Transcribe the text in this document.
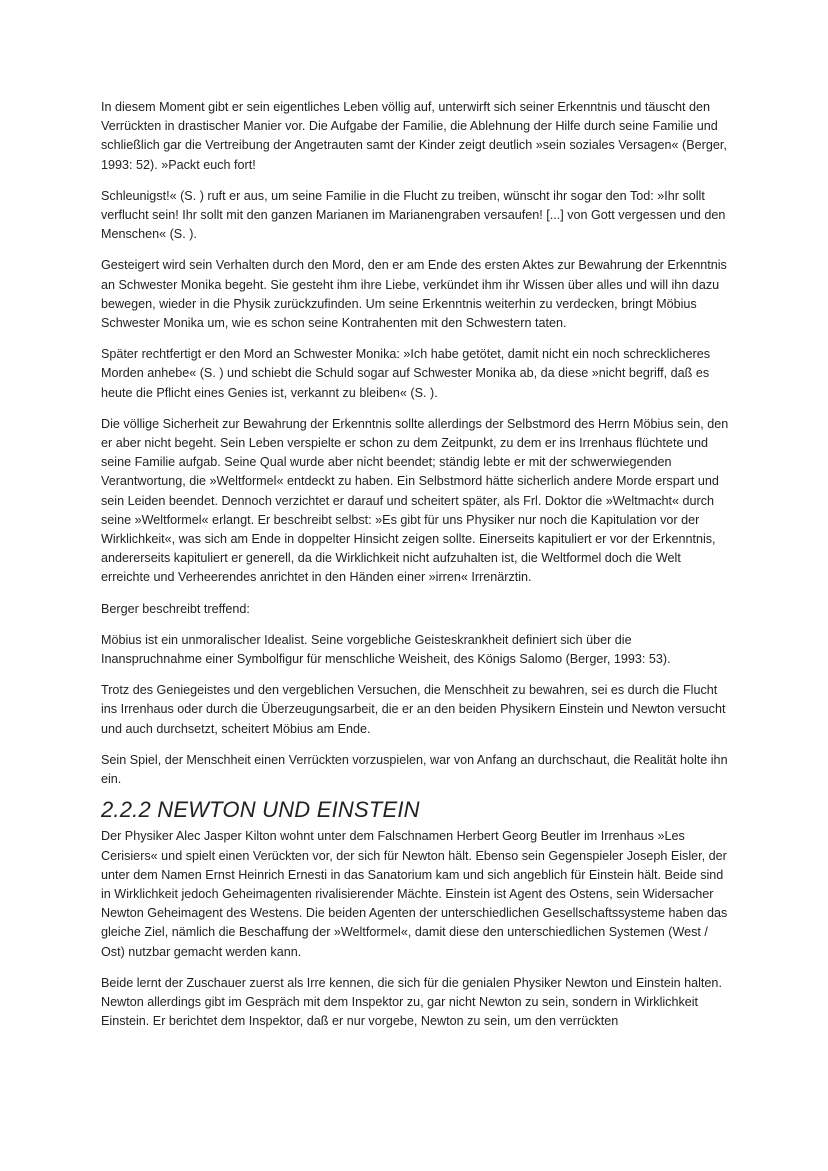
In diesem Moment gibt er sein eigentliches Leben völlig auf, unterwirft sich seiner Erkenntnis und täuscht den Verrückten in drastischer Manier vor. Die Aufgabe der Familie, die Ablehnung der Hilfe durch seine Familie und schließlich gar die Vertreibung der Angetrauten samt der Kinder zeigt deutlich »sein soziales Versagen« (Berger, 1993: 52). »Packt euch fort!

Schleunigst!« (S. ) ruft er aus, um seine Familie in die Flucht zu treiben, wünscht ihr sogar den Tod: »Ihr sollt verflucht sein! Ihr sollt mit den ganzen Marianen im Marianengraben versaufen! [...] von Gott vergessen und den Menschen« (S. ).

Gesteigert wird sein Verhalten durch den Mord, den er am Ende des ersten Aktes zur Bewahrung der Erkenntnis an Schwester Monika begeht. Sie gesteht ihm ihre Liebe, verkündet ihm ihr Wissen über alles und will ihn dazu bewegen, wieder in die Physik zurückzufinden. Um seine Erkenntnis weiterhin zu verdecken, bringt Möbius Schwester Monika um, wie es schon seine Kontrahenten mit den Schwestern taten.

Später rechtfertigt er den Mord an Schwester Monika: »Ich habe getötet, damit nicht ein noch schrecklicheres Morden anhebe« (S. ) und schiebt die Schuld sogar auf Schwester Monika ab, da diese »nicht begriff, daß es heute die Pflicht eines Genies ist, verkannt zu bleiben« (S. ).

Die völlige Sicherheit zur Bewahrung der Erkenntnis sollte allerdings der Selbstmord des Herrn Möbius sein, den er aber nicht begeht. Sein Leben verspielte er schon zu dem Zeitpunkt, zu dem er ins Irrenhaus flüchtete und seine Familie aufgab. Seine Qual wurde aber nicht beendet; ständig lebte er mit der schwerwiegenden Verantwortung, die »Weltformel« entdeckt zu haben. Ein Selbstmord hätte sicherlich andere Morde erspart und sein Leiden beendet. Dennoch verzichtet er darauf und scheitert später, als Frl. Doktor die »Weltmacht« durch seine »Weltformel« erlangt. Er beschreibt selbst: »Es gibt für uns Physiker nur noch die Kapitulation vor der Wirklichkeit«, was sich am Ende in doppelter Hinsicht zeigen sollte. Einerseits kapituliert er vor der Erkenntnis, andererseits kapituliert er generell, da die Wirklichkeit nicht aufzuhalten ist, die Weltformel doch die Welt erreichte und Verheerendes anrichtet in den Händen einer »irren« Irrenärztin.

Berger beschreibt treffend:

Möbius ist ein unmoralischer Idealist. Seine vorgebliche Geisteskrankheit definiert sich über die Inanspruchnahme einer Symbolfigur für menschliche Weisheit, des Königs Salomo (Berger, 1993: 53).

Trotz des Geniegeistes und den vergeblichen Versuchen, die Menschheit zu bewahren, sei es durch die Flucht ins Irrenhaus oder durch die Überzeugungsarbeit, die er an den beiden Physikern Einstein und Newton versucht und auch durchsetzt, scheitert Möbius am Ende.

Sein Spiel, der Menschheit einen Verrückten vorzuspielen, war von Anfang an durchschaut, die Realität holte ihn ein.

2.2.2 NEWTON UND EINSTEIN

Der Physiker Alec Jasper Kilton wohnt unter dem Falschnamen Herbert Georg Beutler im Irrenhaus »Les Cerisiers« und spielt einen Verückten vor, der sich für Newton hält. Ebenso sein Gegenspieler Joseph Eisler, der unter dem Namen Ernst Heinrich Ernesti in das Sanatorium kam und sich angeblich für Einstein hält. Beide sind in Wirklichkeit jedoch Geheimagenten rivalisierender Mächte. Einstein ist Agent des Ostens, sein Widersacher Newton Geheimagent des Westens. Die beiden Agenten der unterschiedlichen Gesellschaftssysteme haben das gleiche Ziel, nämlich die Beschaffung der »Weltformel«, damit diese den unterschiedlichen Systemen (West / Ost) nutzbar gemacht werden kann.

Beide lernt der Zuschauer zuerst als Irre kennen, die sich für die genialen Physiker Newton und Einstein halten. Newton allerdings gibt im Gespräch mit dem Inspektor zu, gar nicht Newton zu sein, sondern in Wirklichkeit Einstein. Er berichtet dem Inspektor, daß er nur vorgebe, Newton zu sein, um den verrückten
